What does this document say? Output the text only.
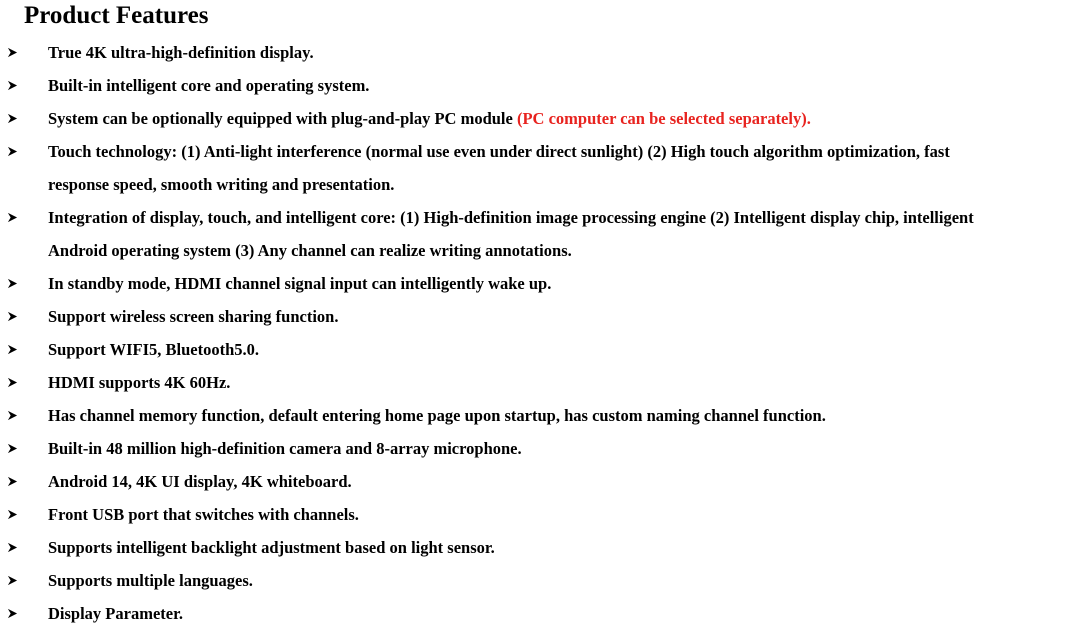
Product Features
True 4K ultra-high-definition display.
Built-in intelligent core and operating system.
System can be optionally equipped with plug-and-play PC module (PC computer can be selected separately).
Touch technology: (1) Anti-light interference (normal use even under direct sunlight) (2) High touch algorithm optimization, fast
response speed, smooth writing and presentation.
Integration of display, touch, and intelligent core: (1) High-definition image processing engine (2) Intelligent display chip, intelligent
Android operating system (3) Any channel can realize writing annotations.
In standby mode, HDMI channel signal input can intelligently wake up.
Support wireless screen sharing function.
Support WIFI5, Bluetooth5.0.
HDMI supports 4K 60Hz.
Has channel memory function, default entering home page upon startup, has custom naming channel function.
Built-in 48 million high-definition camera and 8-array microphone.
Android 14, 4K UI display, 4K whiteboard.
Front USB port that switches with channels.
Supports intelligent backlight adjustment based on light sensor.
Supports multiple languages.
Display Parameter.
